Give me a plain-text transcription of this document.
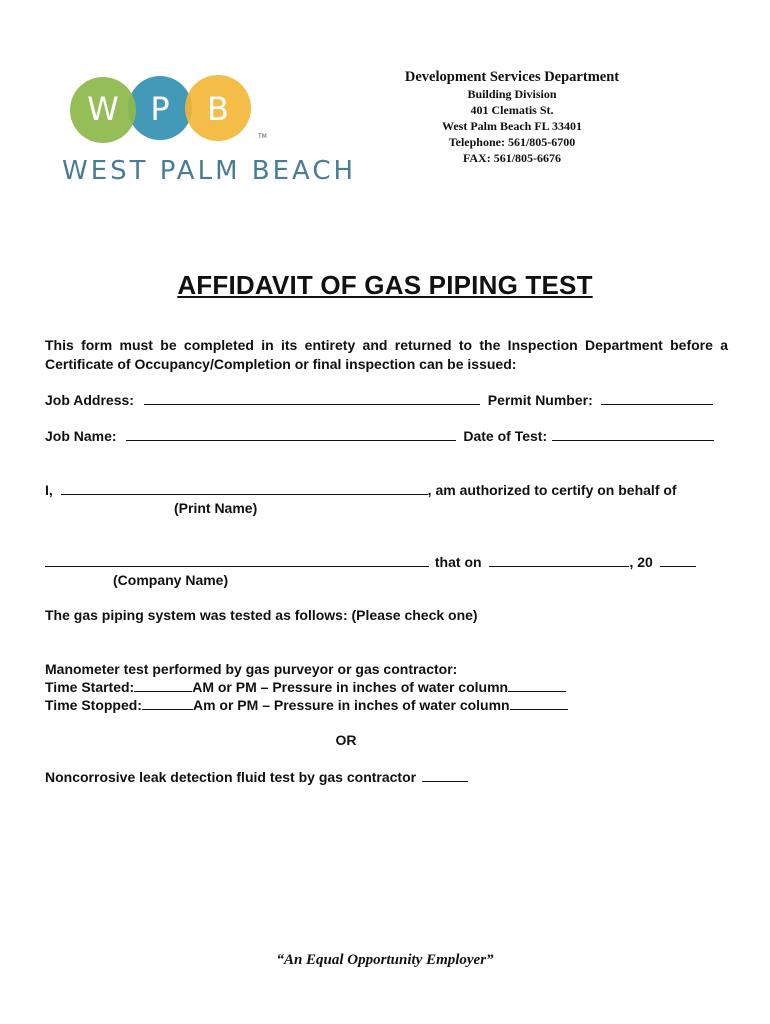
W P B
TM
WEST PALM BEACH
Development Services Department
Building Division
401 Clematis St.
West Palm Beach FL 33401
Telephone: 561/805-6700
FAX: 561/805-6676
AFFIDAVIT OF GAS PIPING TEST
This form must be completed in its entirety and returned to the Inspection Department before a Certificate of Occupancy/Completion or final inspection can be issued:
Job Address:	Permit Number:
Job Name:	Date of Test:
I,	, am authorized to certify on behalf of
(Print Name)
that on	, 20
(Company Name)
The gas piping system was tested as follows: (Please check one)
Manometer test performed by gas purveyor or gas contractor:
Time Started:	AM or PM – Pressure in inches of water column
Time Stopped:	Am or PM – Pressure in inches of water column
OR
Noncorrosive leak detection fluid test by gas contractor
“An Equal Opportunity Employer”
